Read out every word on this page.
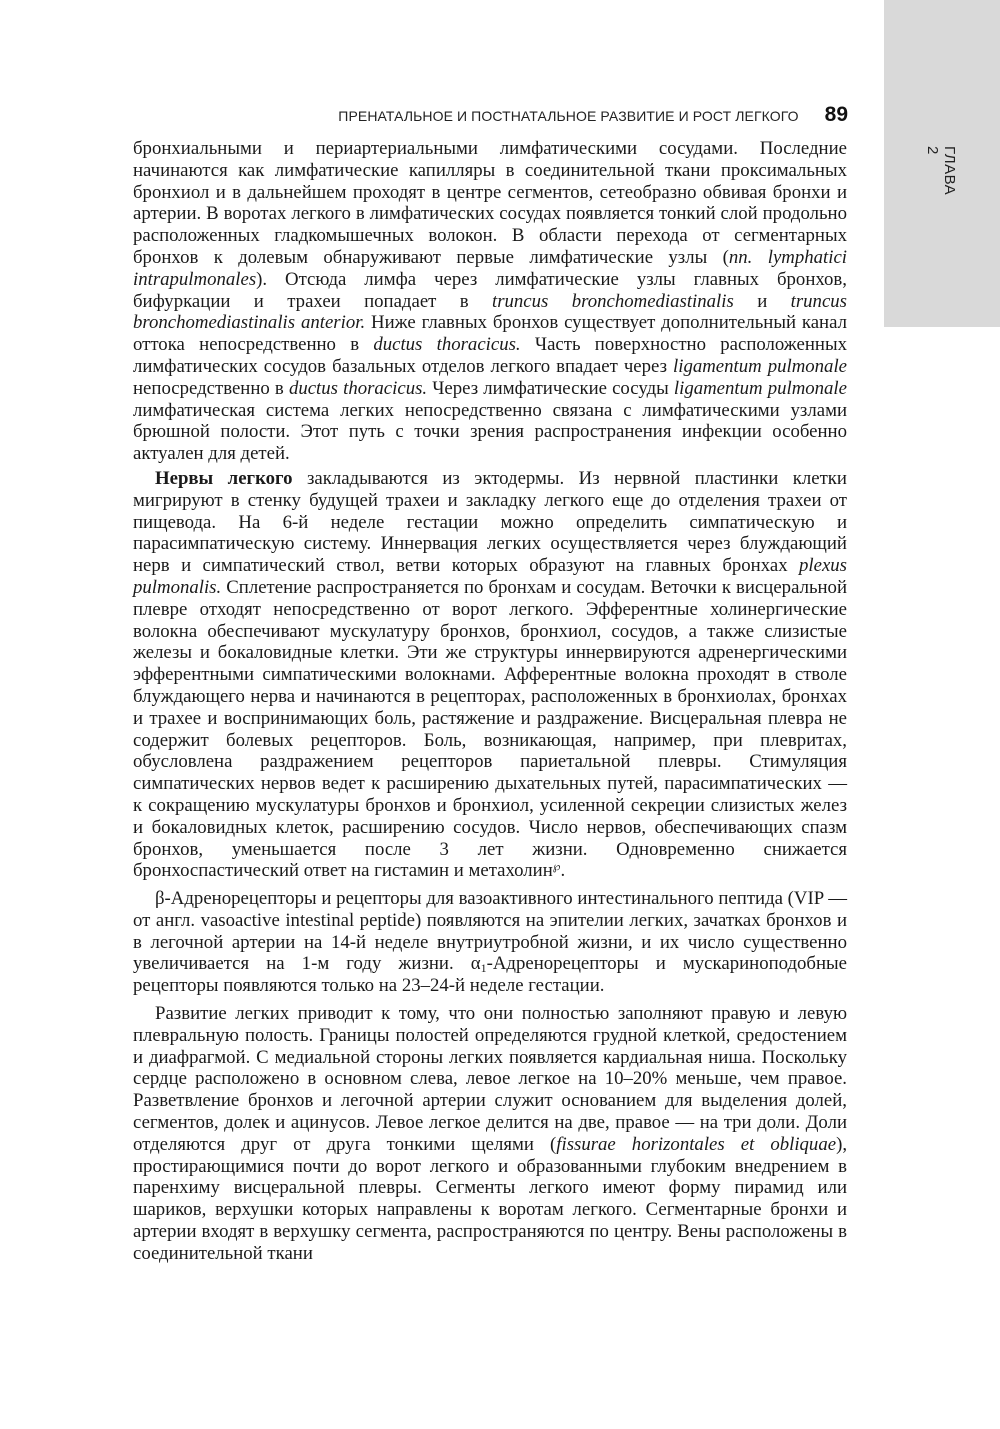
ГЛАВА 2
ПРЕНАТАЛЬНОЕ И ПОСТНАТАЛЬНОЕ РАЗВИТИЕ И РОСТ ЛЕГКОГО 89

бронхиальными и периартериальными лимфатическими сосудами. Последние начинаются как лимфатические капилляры в соединительной ткани проксимальных бронхиол и в дальнейшем проходят в центре сегментов, сетеобразно обвивая бронхи и артерии. В воротах легкого в лимфатических сосудах появляется тонкий слой продольно расположенных гладкомышечных волокон. В области перехода от сегментарных бронхов к долевым обнаруживают первые лимфатические узлы (nn. lymphatici intrapulmonales). Отсюда лимфа через лимфатические узлы главных бронхов, бифуркации и трахеи попадает в truncus bronchomediastinalis и truncus bronchomediastinalis anterior. Ниже главных бронхов существует дополнительный канал оттока непосредственно в ductus thoracicus. Часть поверхностно расположенных лимфатических сосудов базальных отделов легкого впадает через ligamentum pulmonale непосредственно в ductus thoracicus. Через лимфатические сосуды ligamentum pulmonale лимфатическая система легких непосредственно связана с лимфатическими узлами брюшной полости. Этот путь с точки зрения распространения инфекции особенно актуален для детей.

Нервы легкого закладываются из эктодермы. Из нервной пластинки клетки мигрируют в стенку будущей трахеи и закладку легкого еще до отделения трахеи от пищевода. На 6-й неделе гестации можно определить симпатическую и парасимпатическую систему. Иннервация легких осуществляется через блуждающий нерв и симпатический ствол, ветви которых образуют на главных бронхах plexus pulmonalis. Сплетение распространяется по бронхам и сосудам. Веточки к висцеральной плевре отходят непосредственно от ворот легкого. Эфферентные холинергические волокна обеспечивают мускулатуру бронхов, бронхиол, сосудов, а также слизистые железы и бокаловидные клетки. Эти же структуры иннервируются адренергическими эфферентными симпатическими волокнами. Афферентные волокна проходят в стволе блуждающего нерва и начинаются в рецепторах, расположенных в бронхиолах, бронхах и трахее и воспринимающих боль, растяжение и раздражение. Висцеральная плевра не содержит болевых рецепторов. Боль, возникающая, например, при плевритах, обусловлена раздражением рецепторов париетальной плевры. Стимуляция симпатических нервов ведет к расширению дыхательных путей, парасимпатических — к сокращению мускулатуры бронхов и бронхиол, усиленной секреции слизистых желез и бокаловидных клеток, расширению сосудов. Число нервов, обеспечивающих спазм бронхов, уменьшается после 3 лет жизни. Одновременно снижается бронхоспастический ответ на гистамин и метахолин℘.

β-Адренорецепторы и рецепторы для вазоактивного интестинального пептида (VIP — от англ. vasoactive intestinal peptide) появляются на эпителии легких, зачатках бронхов и в легочной артерии на 14-й неделе внутриутробной жизни, и их число существенно увеличивается на 1-м году жизни. $\alpha_1$-Адренорецепторы и мускариноподобные рецепторы появляются только на 23–24-й неделе гестации.

Развитие легких приводит к тому, что они полностью заполняют правую и левую плевральную полость. Границы полостей определяются грудной клеткой, средостением и диафрагмой. С медиальной стороны легких появляется кардиальная ниша. Поскольку сердце расположено в основном слева, левое легкое на 10–20% меньше, чем правое. Разветвление бронхов и легочной артерии служит основанием для выделения долей, сегментов, долек и ацинусов. Левое легкое делится на две, правое — на три доли. Доли отделяются друг от друга тонкими щелями (fissurae horizontales et obliquae), простирающимися почти до ворот легкого и образованными глубоким внедрением в паренхиму висцеральной плевры. Сегменты легкого имеют форму пирамид или шариков, верхушки которых направлены к воротам легкого. Сегментарные бронхи и артерии входят в верхушку сегмента, распространяются по центру. Вены расположены в соединительной ткани
